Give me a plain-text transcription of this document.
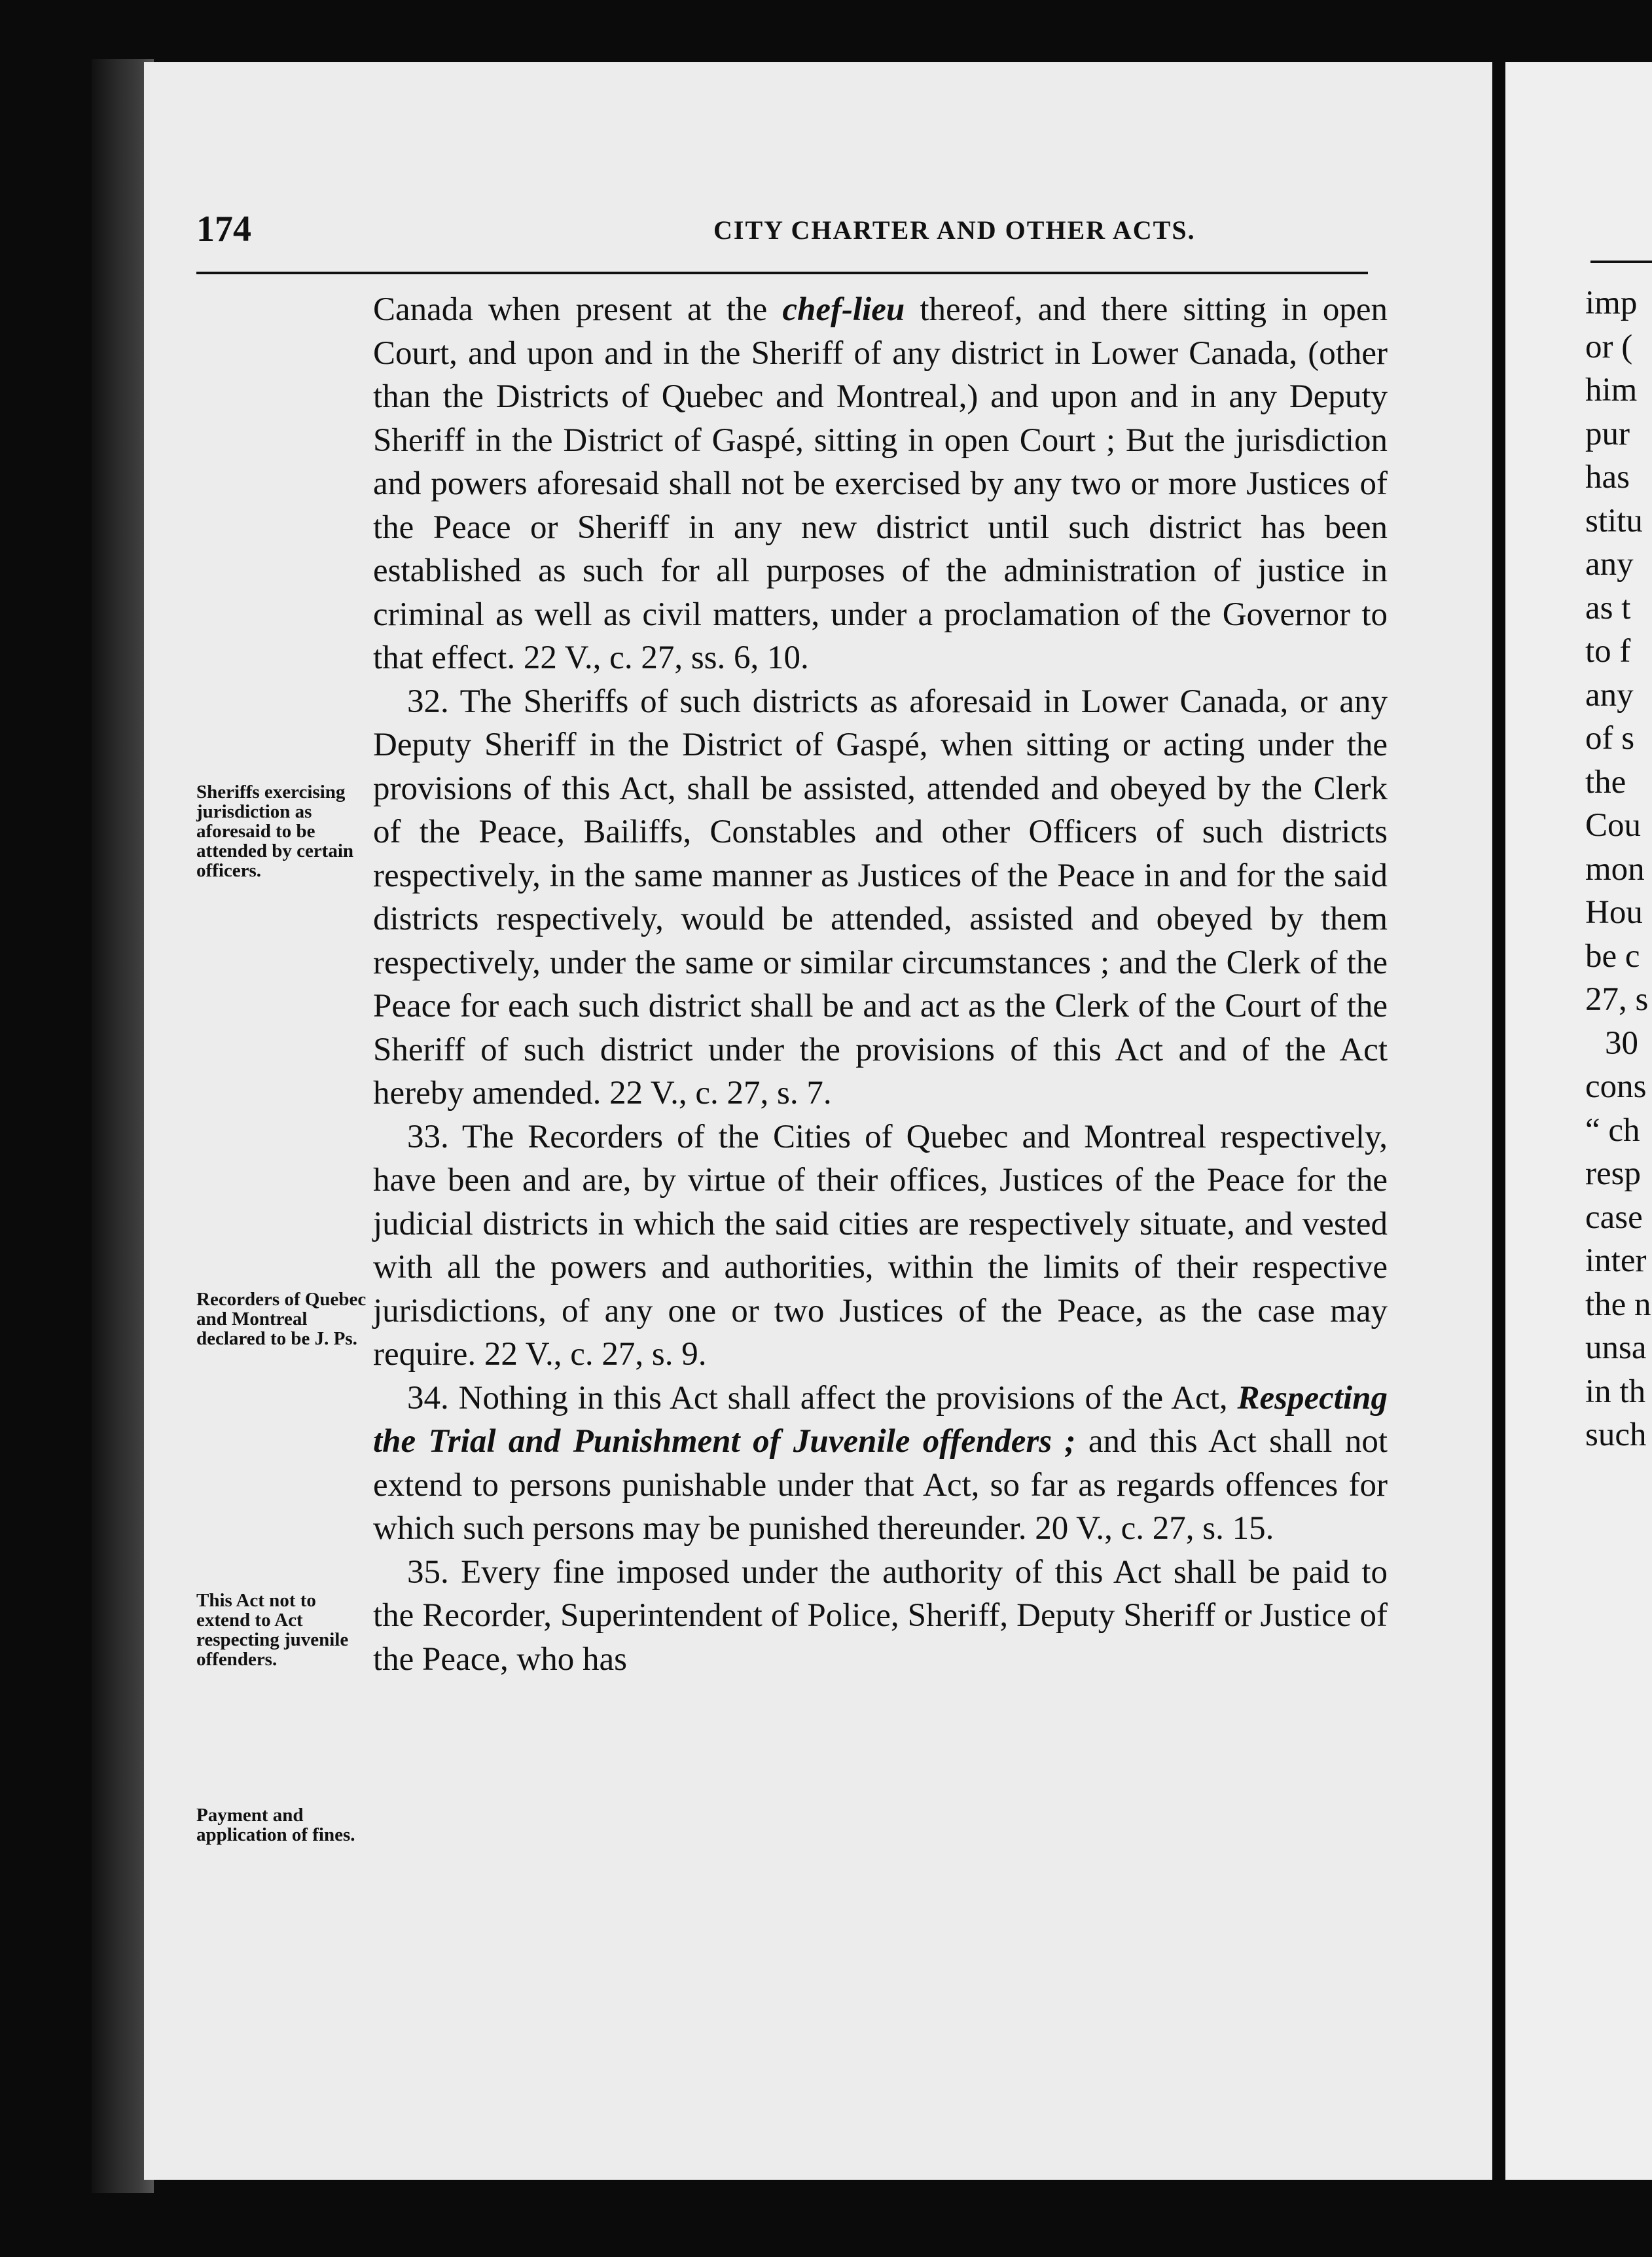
174	CITY CHARTER AND OTHER ACTS.

Canada when present at the chef-lieu thereof, and there sitting in open Court, and upon and in the Sheriff of any district in Lower Canada, (other than the Districts of Quebec and Montreal,) and upon and in any Deputy Sheriff in the District of Gaspé, sitting in open Court ; But the jurisdiction and powers aforesaid shall not be exercised by any two or more Justices of the Peace or Sheriff in any new district until such district has been established as such for all purposes of the administration of justice in criminal as well as civil matters, under a proclamation of the Governor to that effect. 22 V., c. 27, ss. 6, 10.

32. The Sheriffs of such districts as aforesaid in Lower Canada, or any Deputy Sheriff in the District of Gaspé, when sitting or acting under the provisions of this Act, shall be assisted, attended and obeyed by the Clerk of the Peace, Bailiffs, Constables and other Officers of such districts respectively, in the same manner as Justices of the Peace in and for the said districts respectively, would be attended, assisted and obeyed by them respectively, under the same or similar circumstances ; and the Clerk of the Peace for each such district shall be and act as the Clerk of the Court of the Sheriff of such district under the provisions of this Act and of the Act hereby amended. 22 V., c. 27, s. 7.

33. The Recorders of the Cities of Quebec and Montreal respectively, have been and are, by virtue of their offices, Justices of the Peace for the judicial districts in which the said cities are respectively situate, and vested with all the powers and authorities, within the limits of their respective jurisdictions, of any one or two Justices of the Peace, as the case may require. 22 V., c. 27, s. 9.

34. Nothing in this Act shall affect the provisions of the Act, Respecting the Trial and Punishment of Juvenile offenders ; and this Act shall not extend to persons punishable under that Act, so far as regards offences for which such persons may be punished thereunder. 20 V., c. 27, s. 15.

35. Every fine imposed under the authority of this Act shall be paid to the Recorder, Superintendent of Police, Sheriff, Deputy Sheriff or Justice of the Peace, who has

Sheriffs exercising jurisdiction as aforesaid to be attended by certain officers.
Recorders of Quebec and Montreal declared to be J. Ps.
This Act not to extend to Act respecting juvenile offenders.
Payment and application of fines.
imp
or (
him
pur
has
stitu
any
as t
to f
any
of s
the
Cou
mon
Hou
be c
27, s
30
cons
“ ch
resp
case
inter
the n
unsa
in th
such
